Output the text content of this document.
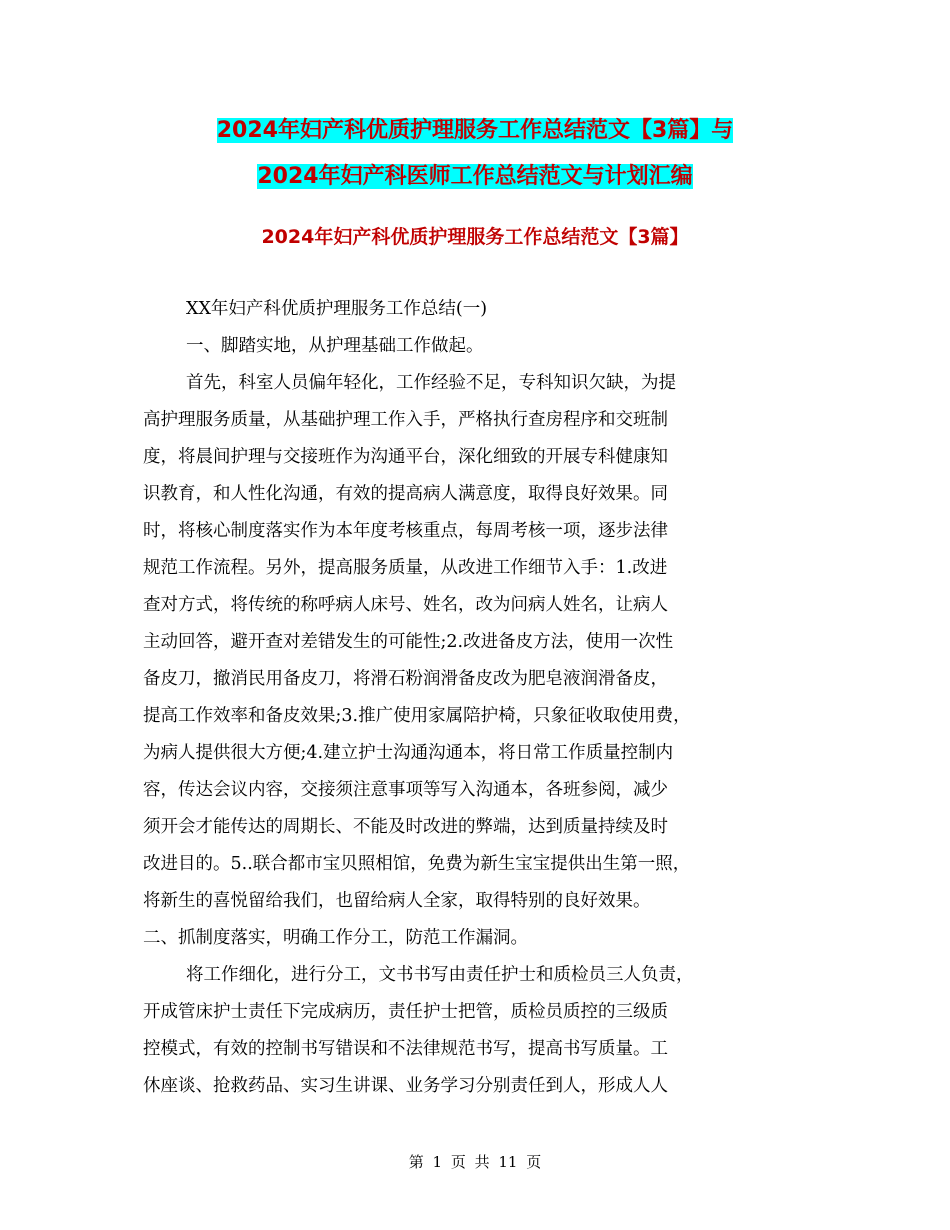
2024年妇产科优质护理服务工作总结范文【3篇】与
2024年妇产科医师工作总结范文与计划汇编
2024年妇产科优质护理服务工作总结范文【3篇】
XX年妇产科优质护理服务工作总结(一)
一、脚踏实地，从护理基础工作做起。
首先，科室人员偏年轻化，工作经验不足，专科知识欠缺，为提
高护理服务质量，从基础护理工作入手，严格执行查房程序和交班制
度，将晨间护理与交接班作为沟通平台，深化细致的开展专科健康知
识教育，和人性化沟通，有效的提高病人满意度，取得良好效果。同
时，将核心制度落实作为本年度考核重点，每周考核一项，逐步法律
规范工作流程。另外，提高服务质量，从改进工作细节入手：1.改进
查对方式，将传统的称呼病人床号、姓名，改为问病人姓名，让病人
主动回答，避开查对差错发生的可能性;2.改进备皮方法，使用一次性
备皮刀，撤消民用备皮刀，将滑石粉润滑备皮改为肥皂液润滑备皮，
提高工作效率和备皮效果;3.推广使用家属陪护椅，只象征收取使用费，
为病人提供很大方便;4.建立护士沟通沟通本，将日常工作质量控制内
容，传达会议内容，交接须注意事项等写入沟通本，各班参阅，减少
须开会才能传达的周期长、不能及时改进的弊端，达到质量持续及时
改进目的。5..联合都市宝贝照相馆，免费为新生宝宝提供出生第一照，
将新生的喜悦留给我们，也留给病人全家，取得特别的良好效果。
二、抓制度落实，明确工作分工，防范工作漏洞。
将工作细化，进行分工，文书书写由责任护士和质检员三人负责，
开成管床护士责任下完成病历，责任护士把管，质检员质控的三级质
控模式，有效的控制书写错误和不法律规范书写，提高书写质量。工
休座谈、抢救药品、实习生讲课、业务学习分别责任到人，形成人人
第 1 页 共 11 页
